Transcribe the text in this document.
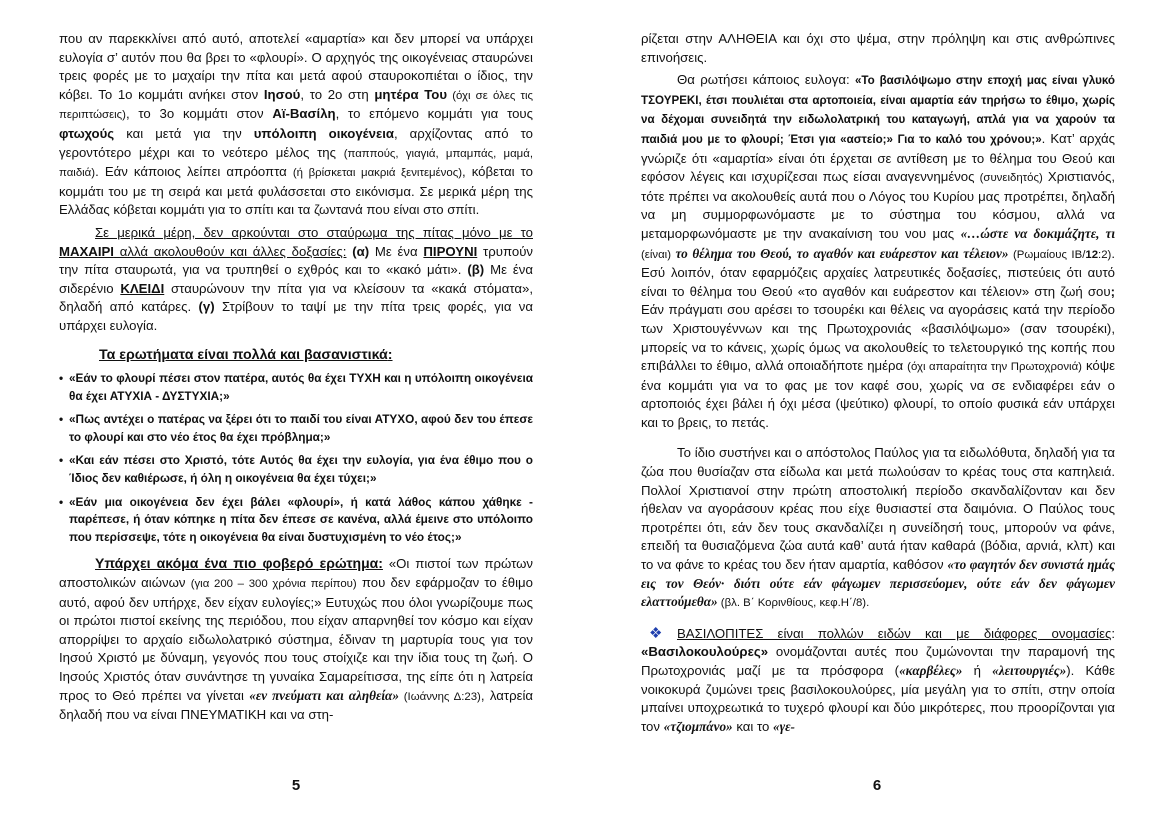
που αν παρεκκλίνει από αυτό, αποτελεί «αμαρτία» και δεν μπορεί να υπάρχει ευλογία σ’ αυτόν που θα βρει το «φλουρί». Ο αρχηγός της οικογένειας σταυρώνει τρεις φορές με το μαχαίρι την πίτα και μετά αφού σταυροκοπιέται ο ίδιος, την κόβει. Το 1ο κομμάτι ανήκει στον Ιησού, το 2ο στη μητέρα Του (όχι σε όλες τις περιπτώσεις), το 3ο κομμάτι στον Αϊ-Βασίλη, το επόμενο κομμάτι για τους φτωχούς και μετά για την υπόλοιπη οικογένεια, αρχίζοντας από το γεροντότερο μέχρι και το νεότερο μέλος της (παππούς, γιαγιά, μπαμπάς, μαμά, παιδιά). Εάν κάποιος λείπει απρόοπτα (ή βρίσκεται μακριά ξενιτεμένος), κόβεται το κομμάτι του με τη σειρά και μετά φυλάσσεται στο εικόνισμα. Σε μερικά μέρη της Ελλάδας κόβεται κομμάτι για το σπίτι και τα ζωντανά που είναι στο σπίτι.

Σε μερικά μέρη, δεν αρκούνται στο σταύρωμα της πίτας μόνο με το ΜΑΧΑΙΡΙ αλλά ακολουθούν και άλλες δοξασίες: (α) Με ένα ΠΙΡΟΥΝΙ τρυπούν την πίτα σταυρωτά, για να τρυπηθεί ο εχθρός και το «κακό μάτι». (β) Με ένα σιδερένιο ΚΛΕΙΔΙ σταυρώνουν την πίτα για να κλείσουν τα «κακά στόματα», δηλαδή από κατάρες. (γ) Στρίβουν το ταψί με την πίτα τρεις φορές, για να υπάρχει ευλογία.

Τα ερωτήματα είναι πολλά και βασανιστικά:
• «Εάν το φλουρί πέσει στον πατέρα, αυτός θα έχει ΤΥΧΗ και η υπόλοιπη οικογένεια θα έχει ΑΤΥΧΙΑ - ΔΥΣΤΥΧΙΑ;»
• «Πως αντέχει ο πατέρας να ξέρει ότι το παιδί του είναι ΑΤΥΧΟ, αφού δεν του έπεσε το φλουρί και στο νέο έτος θα έχει πρόβλημα;»
• «Και εάν πέσει στο Χριστό, τότε Αυτός θα έχει την ευλογία, για ένα έθιμο που ο Ίδιος δεν καθιέρωσε, ή όλη η οικογένεια θα έχει τύχει;»
• «Εάν μια οικογένεια δεν έχει βάλει «φλουρί», ή κατά λάθος κάπου χάθηκε - παρέπεσε, ή όταν κόπηκε η πίτα δεν έπεσε σε κανένα, αλλά έμεινε στο υπόλοιπο που περίσσεψε, τότε η οικογένεια θα είναι δυστυχισμένη το νέο έτος;»

Υπάρχει ακόμα ένα πιο φοβερό ερώτημα: «Οι πιστοί των πρώτων αποστολικών αιώνων (για 200 – 300 χρόνια περίπου) που δεν εφάρμοζαν το έθιμο αυτό, αφού δεν υπήρχε, δεν είχαν ευλογίες;» Ευτυχώς που όλοι γνωρίζουμε πως οι πρώτοι πιστοί εκείνης της περιόδου, που είχαν απαρνηθεί τον κόσμο και είχαν απορρίψει το αρχαίο ειδωλολατρικό σύστημα, έδιναν τη μαρτυρία τους για τον Ιησού Χριστό με δύναμη, γεγονός που τους στοίχιζε και την ίδια τους τη ζωή. Ο Ιησούς Χριστός όταν συνάντησε τη γυναίκα Σαμαρείτισσα, της είπε ότι η λατρεία προς το Θεό πρέπει να γίνεται «εν πνεύματι και αληθεία» (Ιωάννης Δ:23), λατρεία δηλαδή που να είναι ΠΝΕΥΜΑΤΙΚΗ και να στη-

5

ρίζεται στην ΑΛΗΘΕΙΑ και όχι στο ψέμα, στην πρόληψη και στις ανθρώπινες επινοήσεις.

Θα ρωτήσει κάποιος ευλογα: «Το βασιλόψωμο στην εποχή μας είναι γλυκό ΤΣΟΥΡΕΚΙ, έτσι πουλιέται στα αρτοποιεία, είναι αμαρτία εάν τηρήσω το έθιμο, χωρίς να δέχομαι συνειδητά την ειδωλολατρική του καταγωγή, απλά για να χαρούν τα παιδιά μου με το φλουρί; Έτσι για «αστείο;» Για το καλό του χρόνου;». Κατ’ αρχάς γνώριζε ότι «αμαρτία» είναι ότι έρχεται σε αντίθεση με το θέλημα του Θεού και εφόσον λέγεις και ισχυρίζεσαι πως είσαι αναγεννημένος (συνειδητός) Χριστιανός, τότε πρέπει να ακολουθείς αυτά που ο Λόγος του Κυρίου μας προτρέπει, δηλαδή να μη συμμορφωνόμαστε με το σύστημα του κόσμου, αλλά να μεταμορφωνόμαστε με την ανακαίνιση του νου μας «…ώστε να δοκιμάζητε, τι (είναι) το θέλημα του Θεού, το αγαθόν και ευάρεστον και τέλειον» (Ρωμαίους ΙΒ/12:2). Εσύ λοιπόν, όταν εφαρμόζεις αρχαίες λατρευτικές δοξασίες, πιστεύεις ότι αυτό είναι το θέλημα του Θεού «το αγαθόν και ευάρεστον και τέλειον» στη ζωή σου; Εάν πράγματι σου αρέσει το τσουρέκι και θέλεις να αγοράσεις κατά την περίοδο των Χριστουγέννων και της Πρωτοχρονιάς «βασιλόψωμο» (σαν τσουρέκι), μπορείς να το κάνεις, χωρίς όμως να ακολουθείς το τελετουργικό της κοπής που επιβάλλει το έθιμο, αλλά οποιαδήποτε ημέρα (όχι απαραίτητα την Πρωτοχρονιά) κόψε ένα κομμάτι για να το φας με τον καφέ σου, χωρίς να σε ενδιαφέρει εάν ο αρτοποιός έχει βάλει ή όχι μέσα (ψεύτικο) φλουρί, το οποίο φυσικά εάν υπάρχει και το βρεις, το πετάς.

Το ίδιο συστήνει και ο απόστολος Παύλος για τα ειδωλόθυτα, δηλαδή για τα ζώα που θυσίαζαν στα είδωλα και μετά πωλούσαν το κρέας τους στα καπηλειά. Πολλοί Χριστιανοί στην πρώτη αποστολική περίοδο σκανδαλίζονταν και δεν ήθελαν να αγοράσουν κρέας που είχε θυσιαστεί στα δαιμόνια. Ο Παύλος τους προτρέπει ότι, εάν δεν τους σκανδαλίζει η συνείδησή τους, μπορούν να φάνε, επειδή τα θυσιαζόμενα ζώα αυτά καθ’ αυτά ήταν καθαρά (βόδια, αρνιά, κλπ) και το να φάνε το κρέας του δεν ήταν αμαρτία, καθόσον «το φαγητόν δεν συνιστά ημάς εις τον Θεόν· διότι ούτε εάν φάγωμεν περισσεύομεν, ούτε εάν δεν φάγωμεν ελαττούμεθα» (βλ. Β΄ Κορινθίους, κεφ.Η΄/8).

❖ ΒΑΣΙΛΟΠΙΤΕΣ είναι πολλών ειδών και με διάφορες ονομασίες: «Βασιλοκουλούρες» ονομάζονται αυτές που ζυμώνονται την παραμονή της Πρωτοχρονιάς μαζί με τα πρόσφορα («καρβέλες» ή «λειτουργιές»). Κάθε νοικοκυρά ζυμώνει τρεις βασιλοκουλούρες, μία μεγάλη για το σπίτι, στην οποία μπαίνει υποχρεωτικά το τυχερό φλουρί και δύο μικρότερες, που προορίζονται για τον «τζιομπάνο» και το «γε-

6
